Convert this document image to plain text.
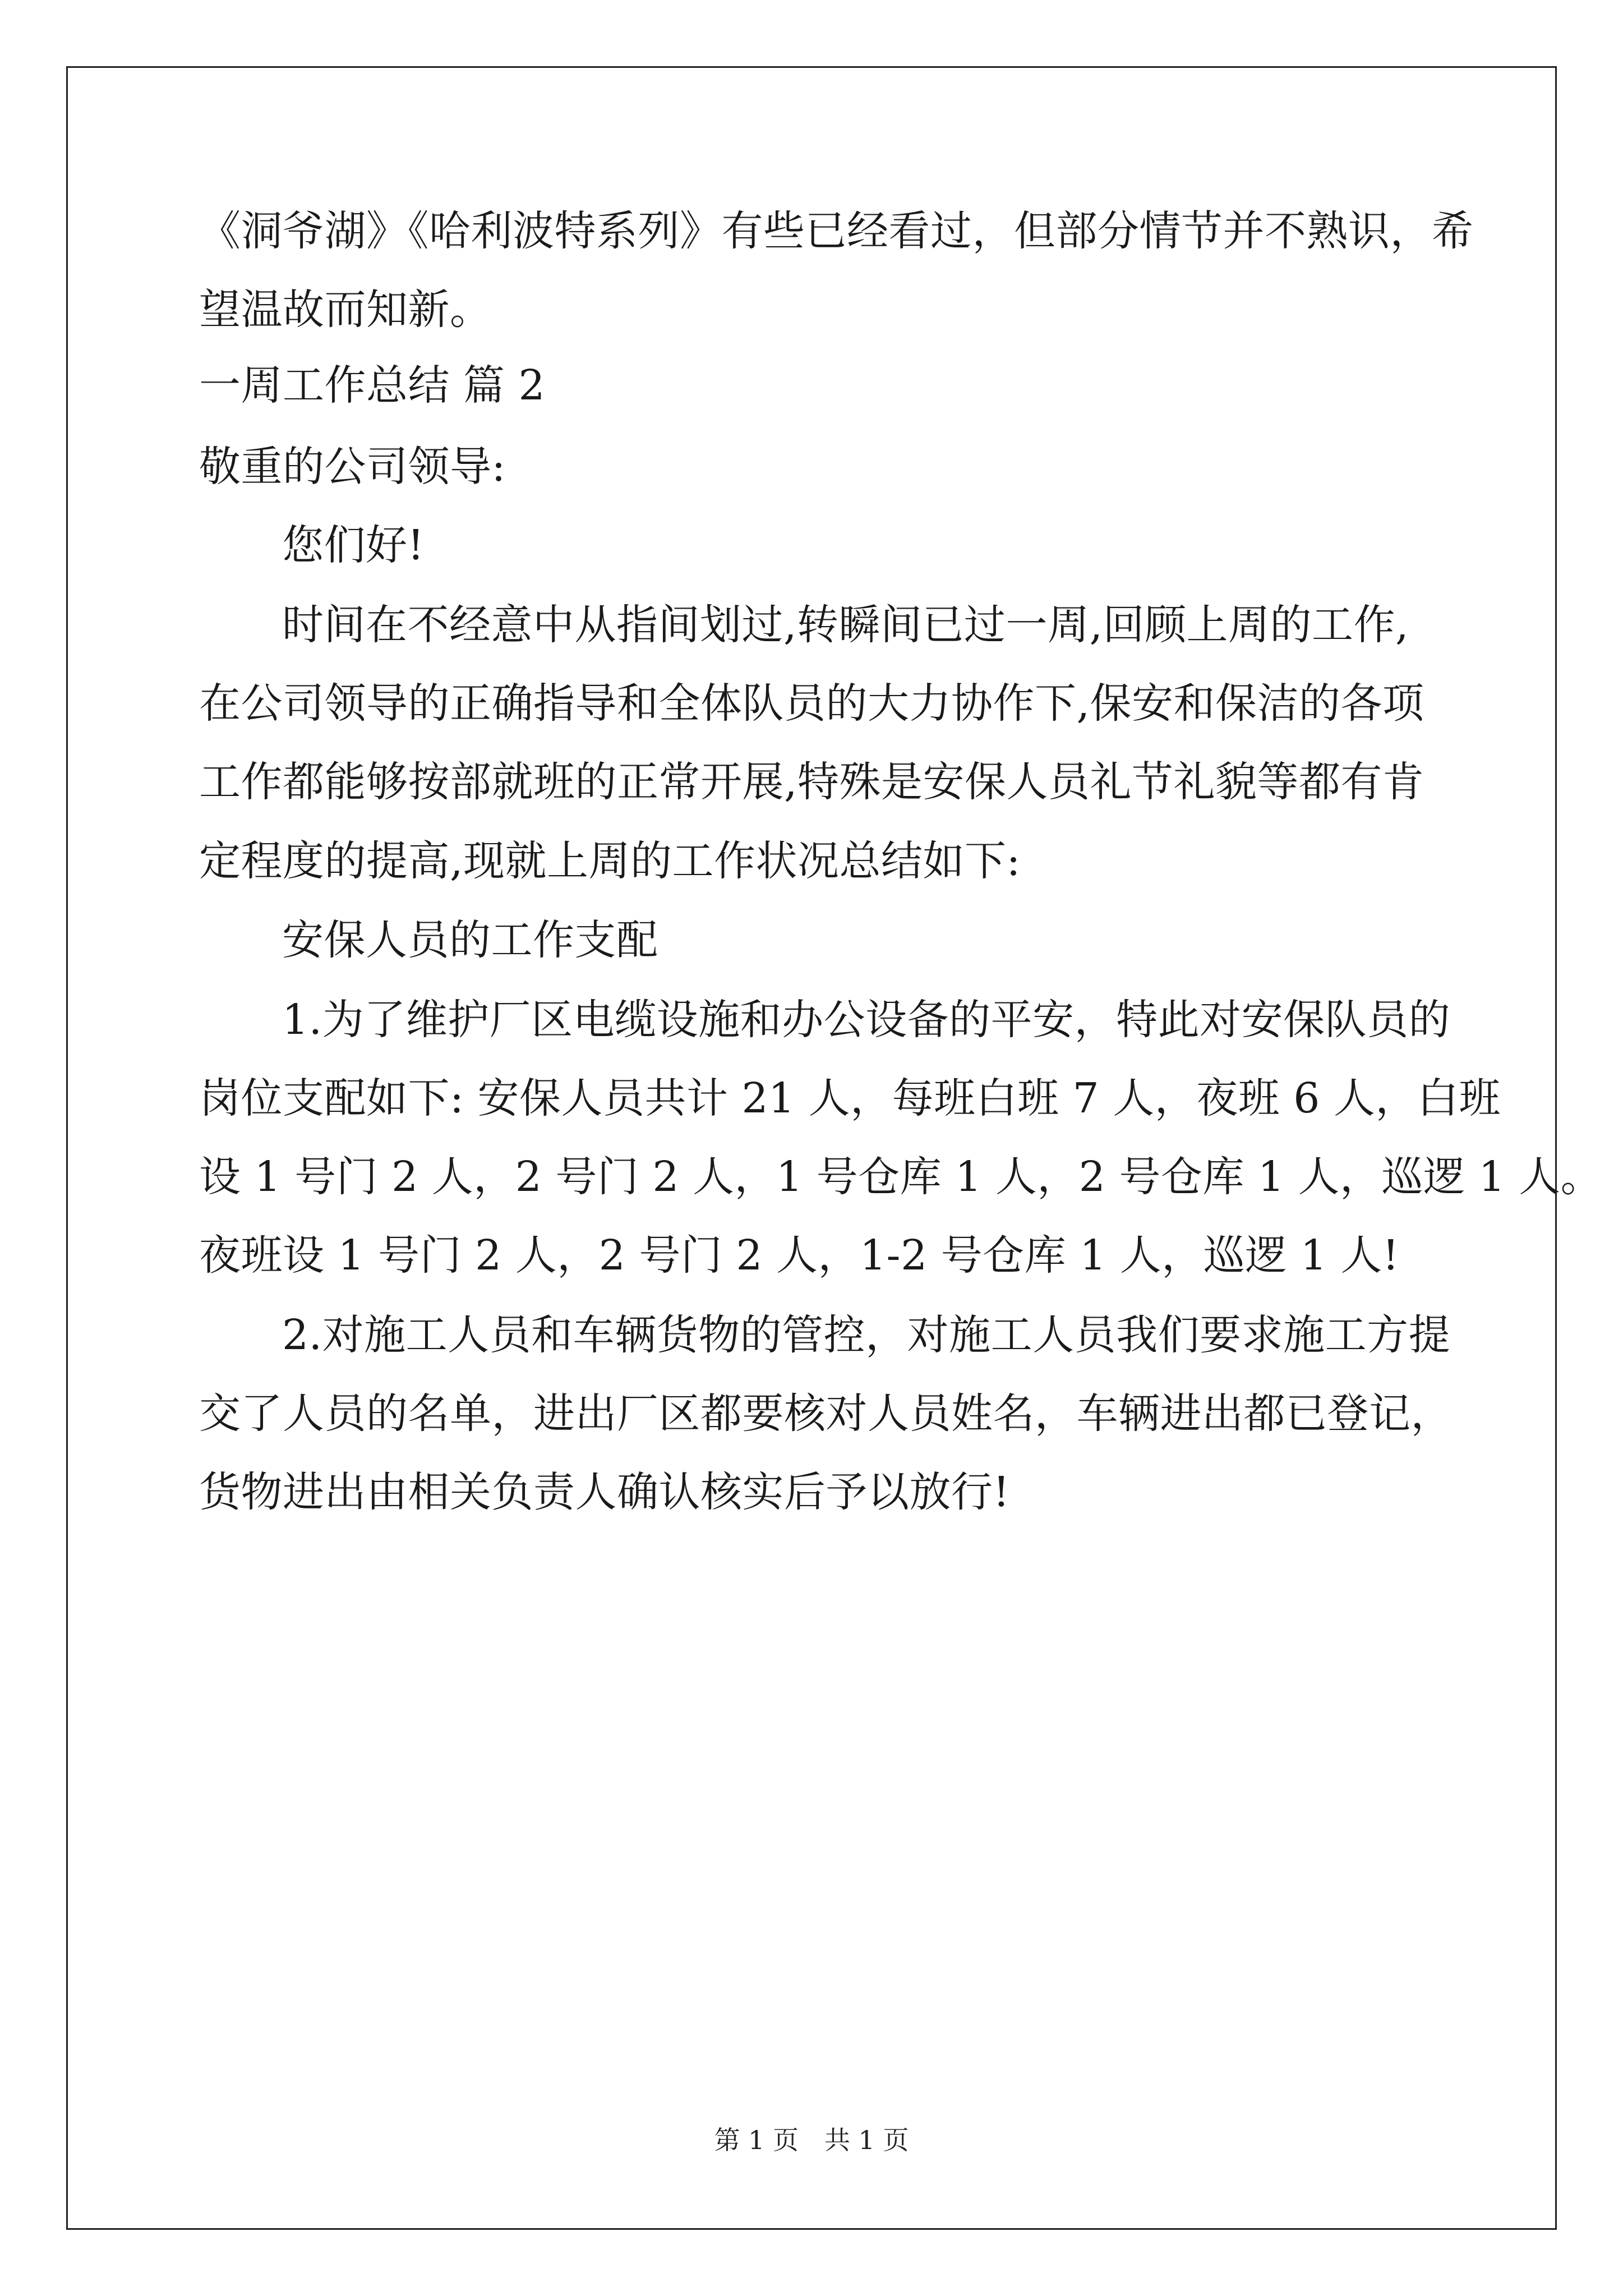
《洞爷湖》《哈利波特系列》有些已经看过，但部分情节并不熟识，希
望温故而知新。
一周工作总结 篇 2
敬重的公司领导:
您们好!
时间在不经意中从指间划过,转瞬间已过一周,回顾上周的工作,
在公司领导的正确指导和全体队员的大力协作下,保安和保洁的各项
工作都能够按部就班的正常开展,特殊是安保人员礼节礼貌等都有肯
定程度的提高,现就上周的工作状况总结如下:
安保人员的工作支配
1.为了维护厂区电缆设施和办公设备的平安，特此对安保队员的
岗位支配如下: 安保人员共计 21 人，每班白班 7 人，夜班 6 人，白班
设 1 号门 2 人，2 号门 2 人，1 号仓库 1 人，2 号仓库 1 人，巡逻 1 人。
夜班设 1 号门 2 人，2 号门 2 人，1-2 号仓库 1 人，巡逻 1 人!
2.对施工人员和车辆货物的管控，对施工人员我们要求施工方提
交了人员的名单，进出厂区都要核对人员姓名，车辆进出都已登记，
货物进出由相关负责人确认核实后予以放行!
第 1 页　共 1 页
